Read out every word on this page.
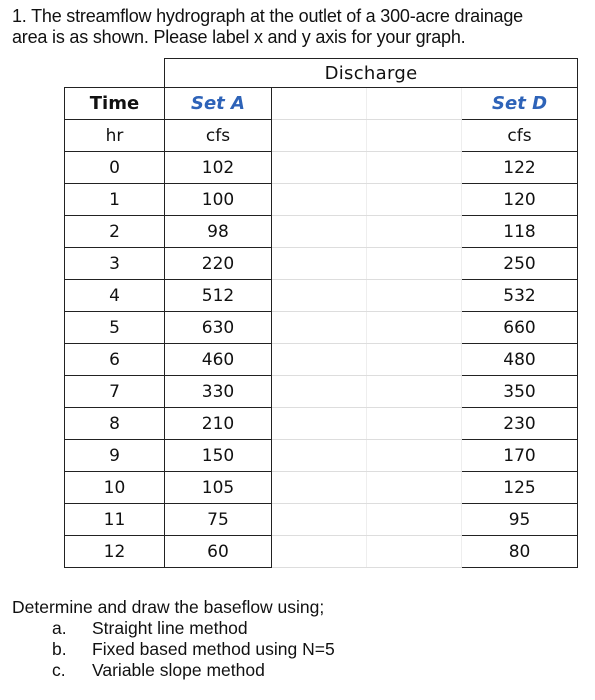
1. The streamflow hydrograph at the outlet of a 300-acre drainage
area is as shown. Please label x and y axis for your graph.
	Discharge			
Time	Set A			Set D
hr	cfs			cfs
0	102			122
1	100			120
2	98			118
3	220			250
4	512			532
5	630			660
6	460			480
7	330			350
8	210			230
9	150			170
10	105			125
11	75			95
12	60			80
Determine and draw the baseflow using;
a.	Straight line method
b.	Fixed based method using N=5
c.	Variable slope method
